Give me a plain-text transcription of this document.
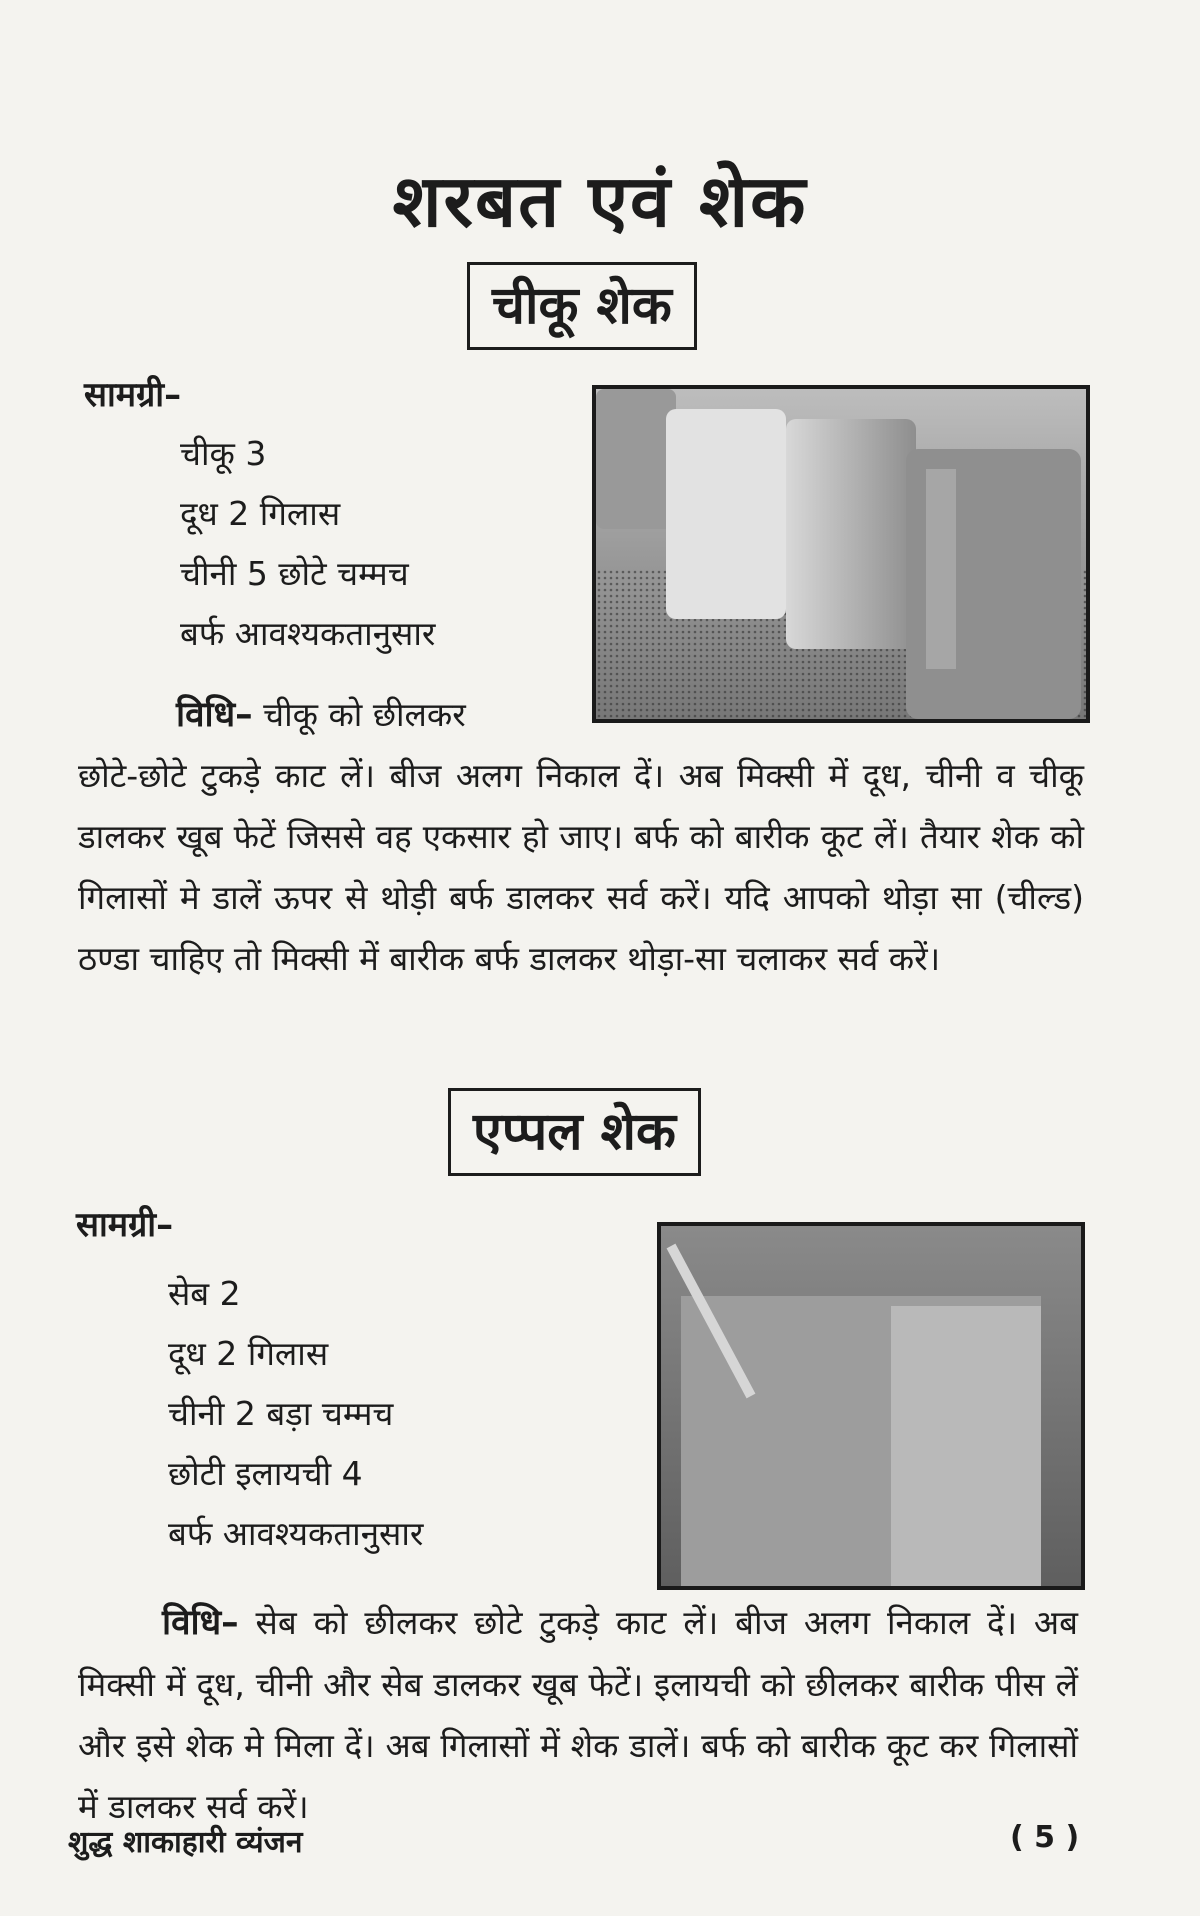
शरबत एवं शेक
चीकू शेक
सामग्री–
चीकू 3
दूध 2 गिलास
चीनी 5 छोटे चम्मच
बर्फ आवश्यकतानुसार

विधि– चीकू को छीलकर

छोटे-छोटे टुकड़े काट लें। बीज अलग निकाल दें। अब मिक्सी में दूध, चीनी व चीकू डालकर खूब फेटें जिससे वह एकसार हो जाए। बर्फ को बारीक कूट लें। तैयार शेक को गिलासों मे डालें ऊपर से थोड़ी बर्फ डालकर सर्व करें। यदि आपको थोड़ा सा (चील्ड) ठण्डा चाहिए तो मिक्सी में बारीक बर्फ डालकर थोड़ा-सा चलाकर सर्व करें।

एप्पल शेक
सामग्री–
सेब 2
दूध 2 गिलास
चीनी 2 बड़ा चम्मच
छोटी इलायची 4
बर्फ आवश्यकतानुसार

विधि– सेब को छीलकर छोटे टुकड़े काट लें। बीज अलग निकाल दें। अब मिक्सी में दूध, चीनी और सेब डालकर खूब फेटें। इलायची को छीलकर बारीक पीस लें और इसे शेक मे मिला दें। अब गिलासों में शेक डालें। बर्फ को बारीक कूट कर गिलासों में डालकर सर्व करें।

शुद्ध शाकाहारी व्यंजन	( 5 )
